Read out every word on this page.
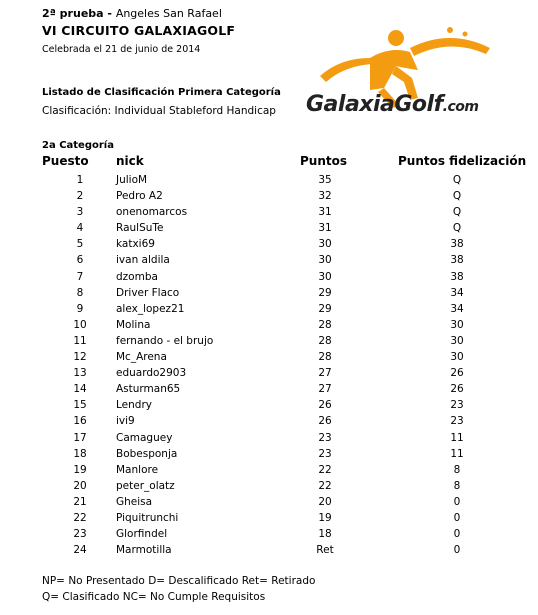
2ª prueba - Angeles San Rafael
VI CIRCUITO GALAXIAGOLF
Celebrada el 21 de junio de 2014
Listado de Clasificación Primera Categoría
Clasificación: Individual Stableford Handicap
2a Categoría
GalaxiaGolf.com
Puesto nick	Puntos	Puntos fidelización
1	JulioM	35	Q
2	Pedro A2	32	Q
3	onenomarcos	31	Q
4	RaulSuTe	31	Q
5	katxi69	30	38
6	ivan aldila	30	38
7	dzomba	30	38
8	Driver Flaco	29	34
9	alex_lopez21	29	34
10	Molina	28	30
11	fernando - el brujo	28	30
12	Mc_Arena	28	30
13	eduardo2903	27	26
14	Asturman65	27	26
15	Lendry	26	23
16	ivi9	26	23
17	Camaguey	23	11
18	Bobesponja	23	11
19	Manlore	22	8
20	peter_olatz	22	8
21	Gheisa	20	0
22	Piquitrunchi	19	0
23	Glorfindel	18	0
24	Marmotilla	Ret	0
NP= No Presentado D= Descalificado Ret= Retirado
Q= Clasificado NC= No Cumple Requisitos
